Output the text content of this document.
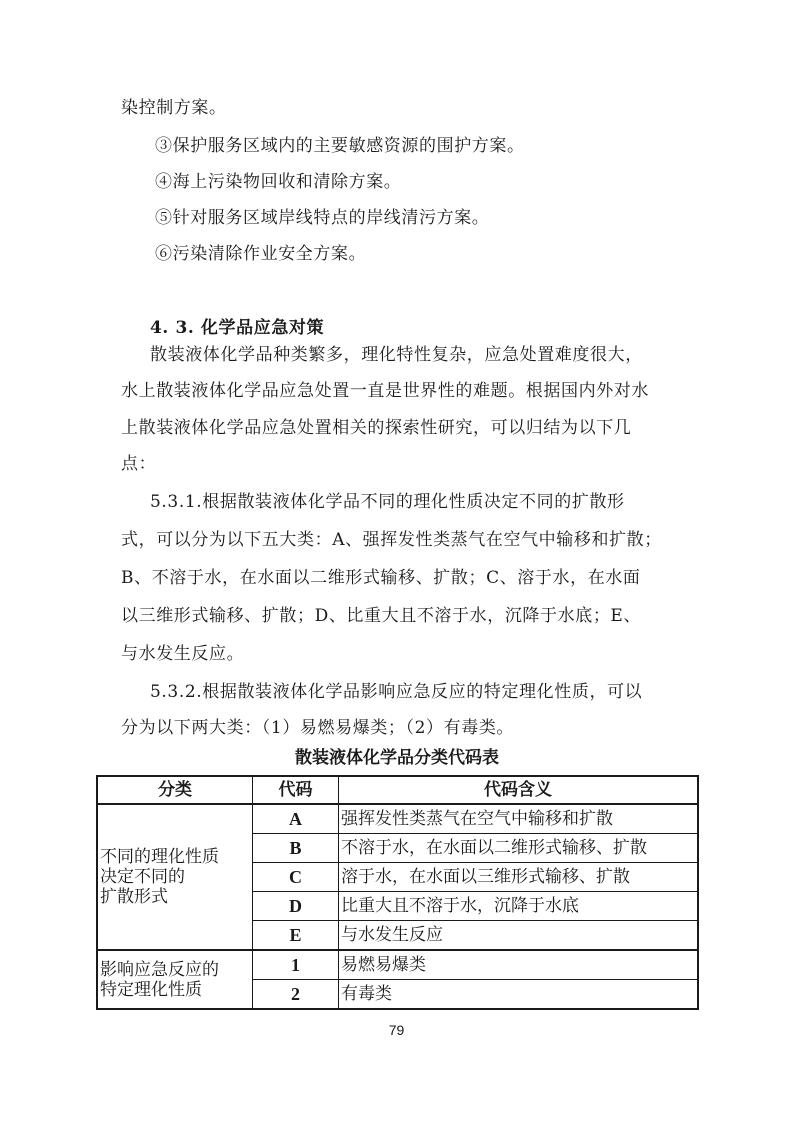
染控制方案。
③保护服务区域内的主要敏感资源的围护方案。
④海上污染物回收和清除方案。
⑤针对服务区域岸线特点的岸线清污方案。
⑥污染清除作业安全方案。
4. 3. 化学品应急对策
散装液体化学品种类繁多，理化特性复杂，应急处置难度很大，
水上散装液体化学品应急处置一直是世界性的难题。根据国内外对水
上散装液体化学品应急处置相关的探索性研究，可以归结为以下几
点：
5.3.1.根据散装液体化学品不同的理化性质决定不同的扩散形
式，可以分为以下五大类：A、强挥发性类蒸气在空气中输移和扩散；
B、不溶于水，在水面以二维形式输移、扩散；C、溶于水，在水面
以三维形式输移、扩散；D、比重大且不溶于水，沉降于水底；E、
与水发生反应。
5.3.2.根据散装液体化学品影响应急反应的特定理化性质，可以
分为以下两大类：（1）易燃易爆类；（2）有毒类。
散装液体化学品分类代码表
分类	代码	代码含义

不同的理化性质
决定不同的
扩散形式	A	强挥发性类蒸气在空气中输移和扩散
	B	不溶于水，在水面以二维形式输移、扩散
	C	溶于水，在水面以三维形式输移、扩散
	D	比重大且不溶于水，沉降于水底
	E	与水发生反应

影响应急反应的
特定理化性质	1	易燃易爆类
	2	有毒类
79
